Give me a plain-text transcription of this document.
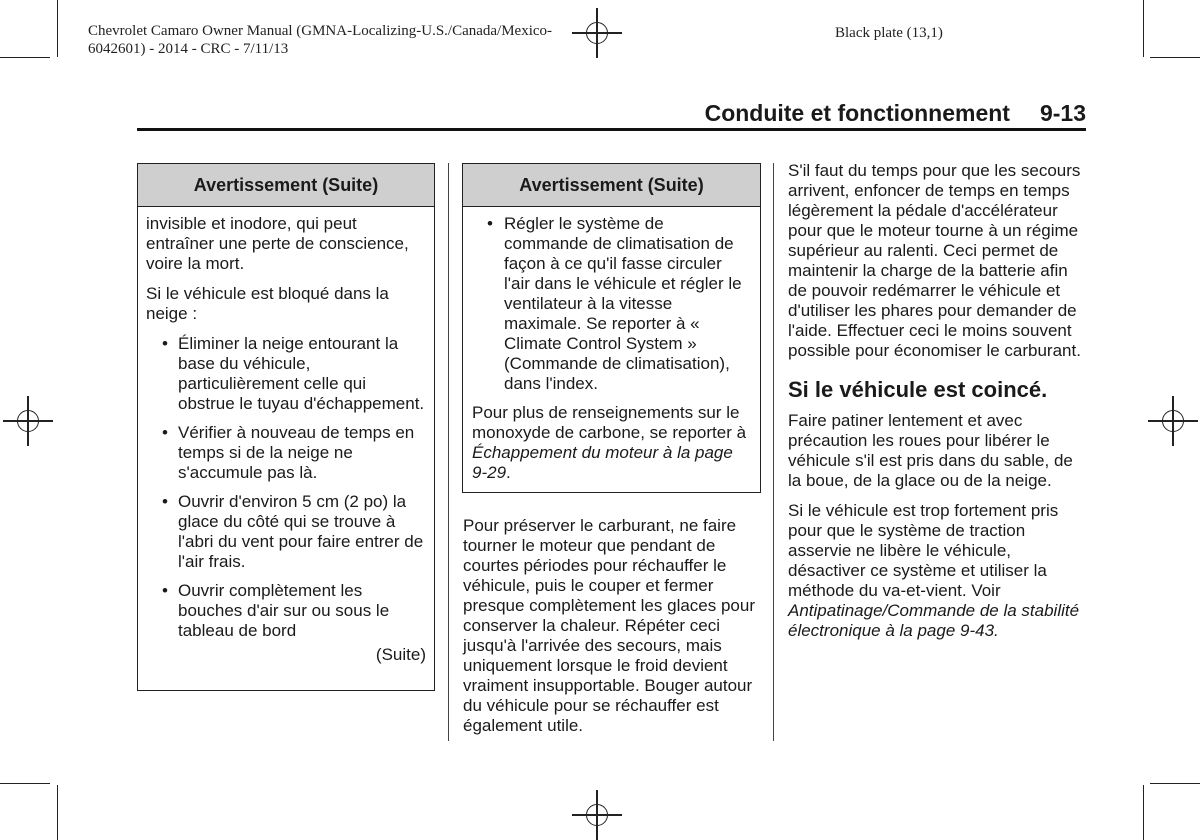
Chevrolet Camaro Owner Manual (GMNA-Localizing-U.S./Canada/Mexico-
6042601) - 2014 - CRC - 7/11/13
Black plate (13,1)
Conduite et fonctionnement 9-13
Avertissement (Suite)

invisible et inodore, qui peut entraîner une perte de conscience, voire la mort.

Si le véhicule est bloqué dans la neige :

• Éliminer la neige entourant la base du véhicule, particulièrement celle qui obstrue le tuyau d'échappement.
• Vérifier à nouveau de temps en temps si de la neige ne s'accumule pas là.
• Ouvrir d'environ 5 cm (2 po) la glace du côté qui se trouve à l'abri du vent pour faire entrer de l'air frais.
• Ouvrir complètement les bouches d'air sur ou sous le tableau de bord

(Suite)

Avertissement (Suite)
• Régler le système de commande de climatisation de façon à ce qu'il fasse circuler l'air dans le véhicule et régler le ventilateur à la vitesse maximale. Se reporter à « Climate Control System » (Commande de climatisation), dans l'index.

Pour plus de renseignements sur le monoxyde de carbone, se reporter à Échappement du moteur à la page 9-29.

Pour préserver le carburant, ne faire tourner le moteur que pendant de courtes périodes pour réchauffer le véhicule, puis le couper et fermer presque complètement les glaces pour conserver la chaleur. Répéter ceci jusqu'à l'arrivée des secours, mais uniquement lorsque le froid devient vraiment insupportable. Bouger autour du véhicule pour se réchauffer est également utile.

S'il faut du temps pour que les secours arrivent, enfoncer de temps en temps légèrement la pédale d'accélérateur pour que le moteur tourne à un régime supérieur au ralenti. Ceci permet de maintenir la charge de la batterie afin de pouvoir redémarrer le véhicule et d'utiliser les phares pour demander de l'aide. Effectuer ceci le moins souvent possible pour économiser le carburant.

Si le véhicule est coincé.

Faire patiner lentement et avec précaution les roues pour libérer le véhicule s'il est pris dans du sable, de la boue, de la glace ou de la neige.

Si le véhicule est trop fortement pris pour que le système de traction asservie ne libère le véhicule, désactiver ce système et utiliser la méthode du va-et-vient. Voir Antipatinage/Commande de la stabilité électronique à la page 9-43.
